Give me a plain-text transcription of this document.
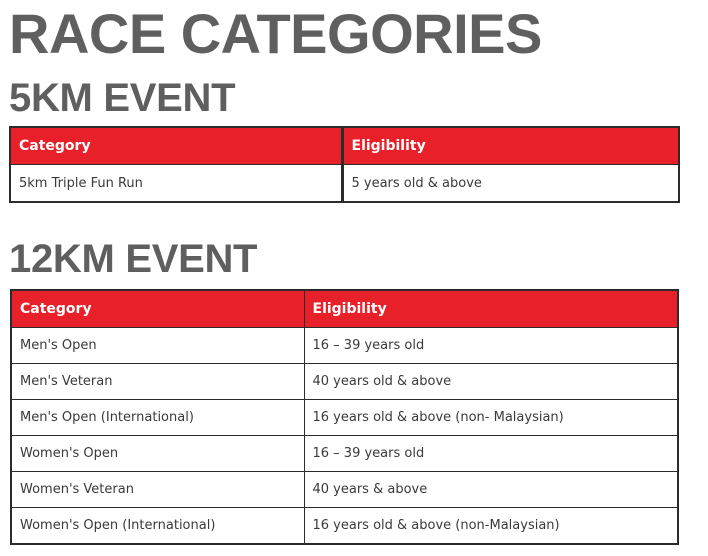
RACE CATEGORIES
5KM EVENT
Category	Eligibility
5km Triple Fun Run	5 years old & above
12KM EVENT
Category	Eligibility
Men's Open	16 – 39 years old
Men's Veteran	40 years old & above
Men's Open (International)	16 years old & above (non- Malaysian)
Women's Open	16 – 39 years old
Women's Veteran	40 years & above
Women's Open (International)	16 years old & above (non-Malaysian)
